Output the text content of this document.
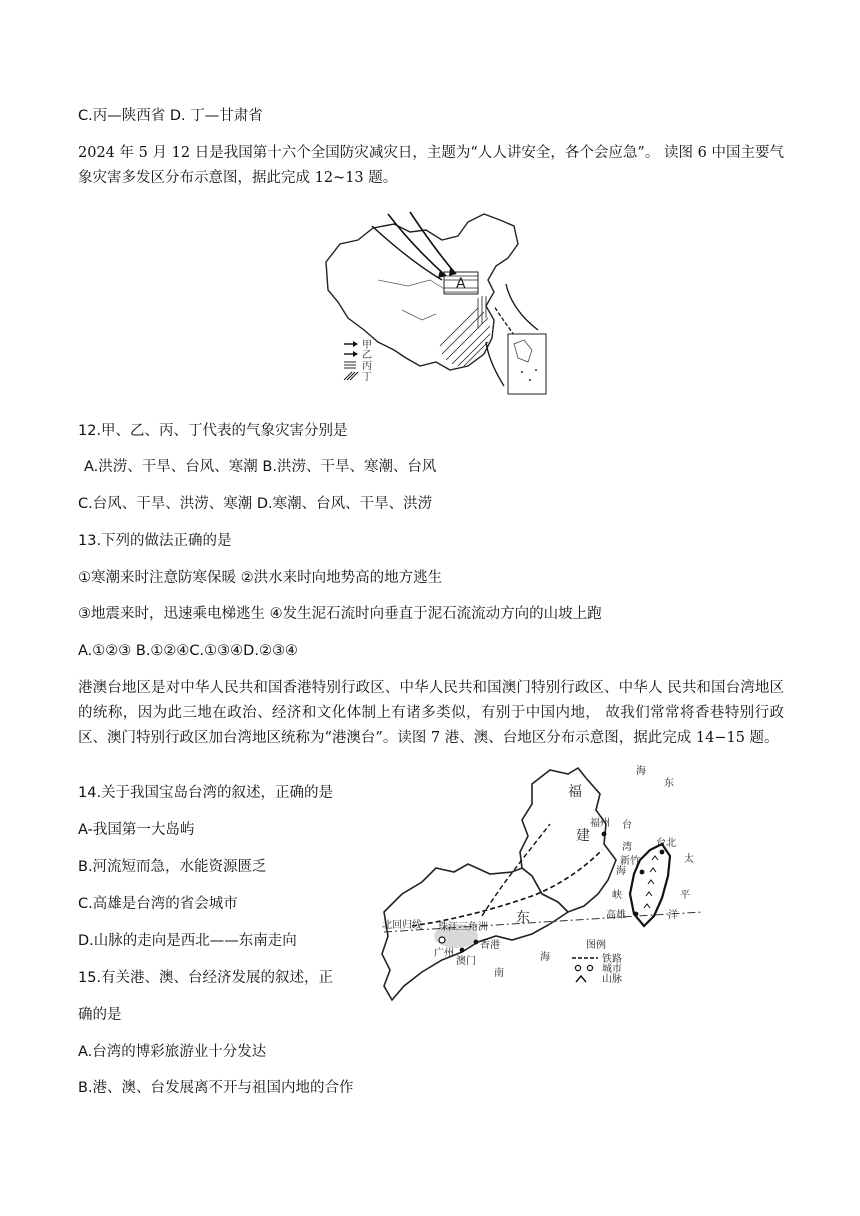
C.丙—陕西省 D. 丁—甘肃省
2024 年 5 月 12 日是我国第十六个全国防灾减灾日，主题为“人人讲安全，各个会应急”。 读图 6 中国主要气象灾害多发区分布示意图，据此完成 12~13 题。
A
甲
乙
丙
丁
12.甲、乙、丙、丁代表的气象灾害分别是
A.洪涝、干旱、台风、寒潮 B.洪涝、干旱、寒潮、台风
C.台风、干旱、洪涝、寒潮 D.寒潮、台风、干旱、洪涝
13.下列的做法正确的是
①寒潮来时注意防寒保暖 ②洪水来时向地势高的地方逃生
③地震来时，迅速乘电梯逃生 ④发生泥石流时向垂直于泥石流流动方向的山坡上跑
A.①②③ B.①②④C.①③④D.②③④
港澳台地区是对中华人民共和国香港特别行政区、中华人民共和国澳门特别行政区、中华人 民共和国台湾地区的统称，因为此三地在政治、经济和文化体制上有诸多类似，有别于中国内地， 故我们常常将香巷特别行政区、澳门特别行政区加台湾地区统称为“港澳台”。读图 7 港、澳、台地区分布示意图，据此完成 14−15 题。
14.关于我国宝岛台湾的叙述，正确的是
A-我国第一大岛屿
B.河流短而急，水能资源匮乏
C.高雄是台湾的省会城市
D.山脉的走向是西北——东南走向
15.有关港、澳、台经济发展的叙述，正
确的是
A.台湾的博彩旅游业十分发达
B.港、澳、台发展离不开与祖国内地的合作
福
建
福州
东
海
台
湾
海
峡
台北
新竹
高雄
太
平
洋
北回归线 珠江三角洲
东
广州
香港
澳门
南
海
图例
铁路
城市
山脉
